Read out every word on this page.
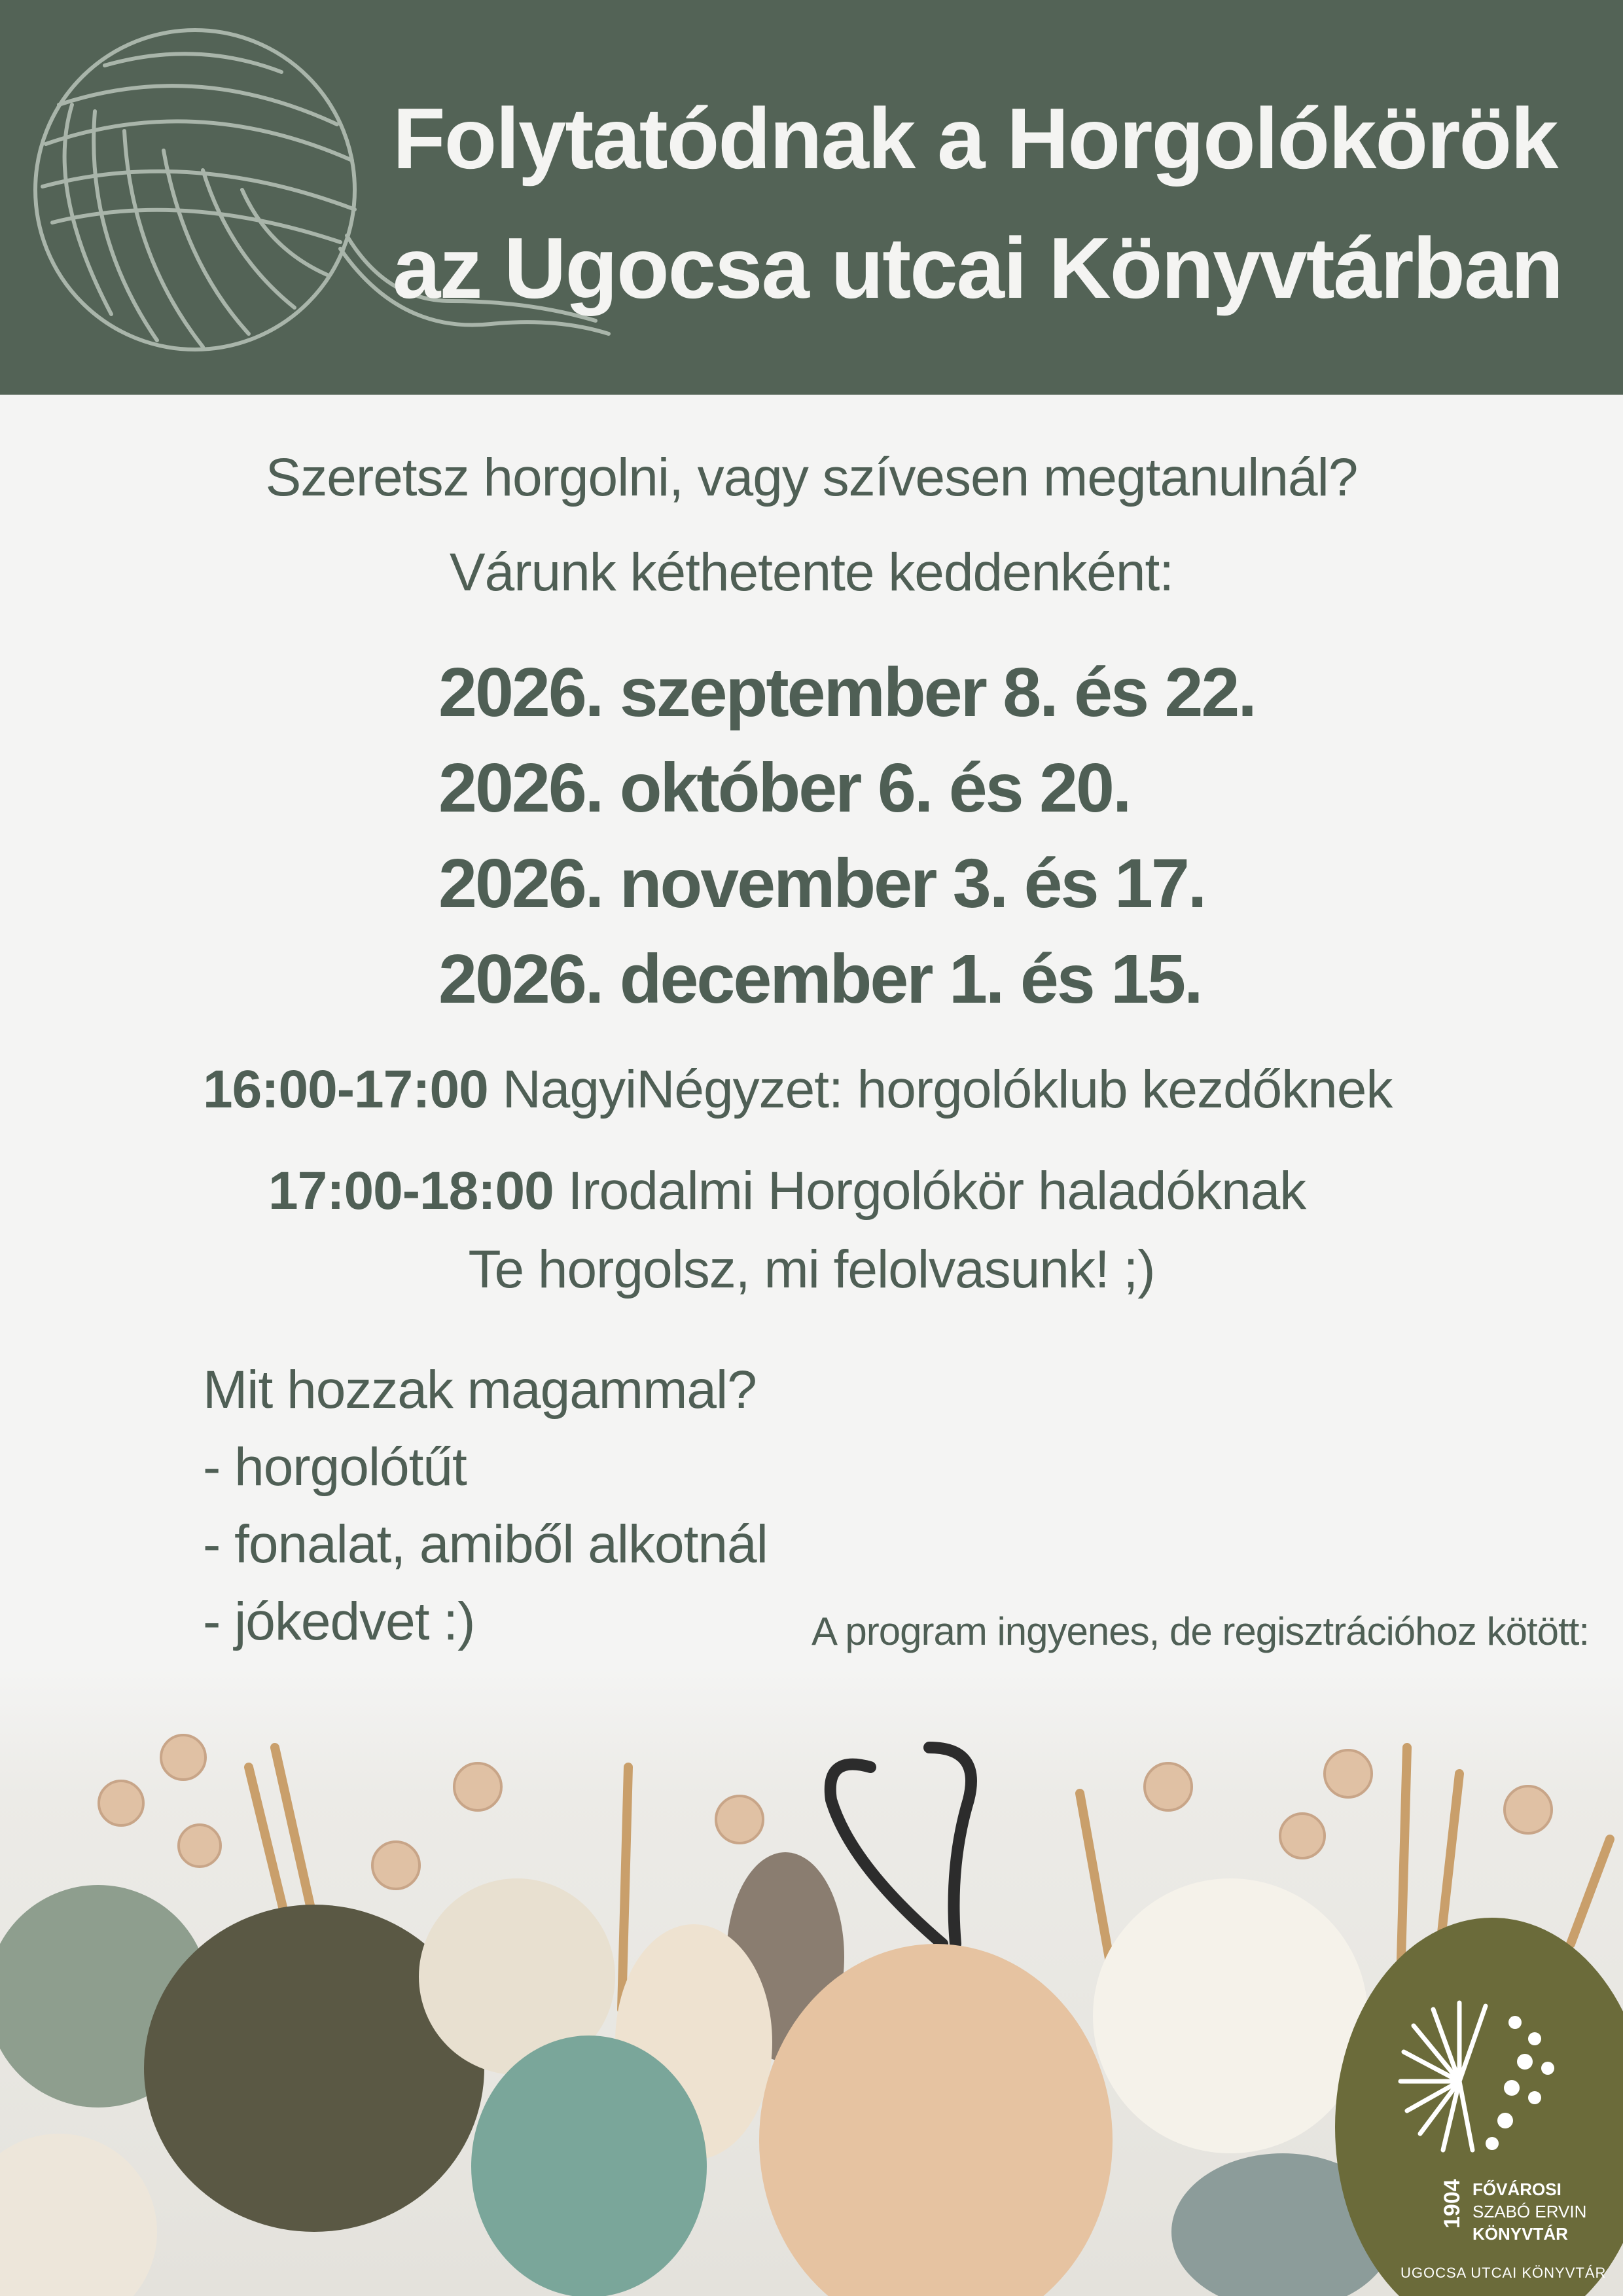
Folytatódnak a Horgolókörök
az Ugocsa utcai Könyvtárban
Szeretsz horgolni, vagy szívesen megtanulnál?
Várunk kéthetente keddenként:
2026. szeptember 8. és 22.
2026. október 6. és 20.
2026. november 3. és 17.
2026. december 1. és 15.
16:00-17:00 NagyiNégyzet: horgolóklub kezdőknek
17:00-18:00 Irodalmi Horgolókör haladóknak
Te horgolsz, mi felolvasunk! ;)
Mit hozzak magammal?
- horgolótűt
- fonalat, amiből alkotnál
- jókedvet :)	A program ingyenes, de regisztrációhoz kötött:
1904 FŐVÁROSI
SZABÓ ERVIN
KÖNYVTÁR
UGOCSA UTCAI KÖNYVTÁR
